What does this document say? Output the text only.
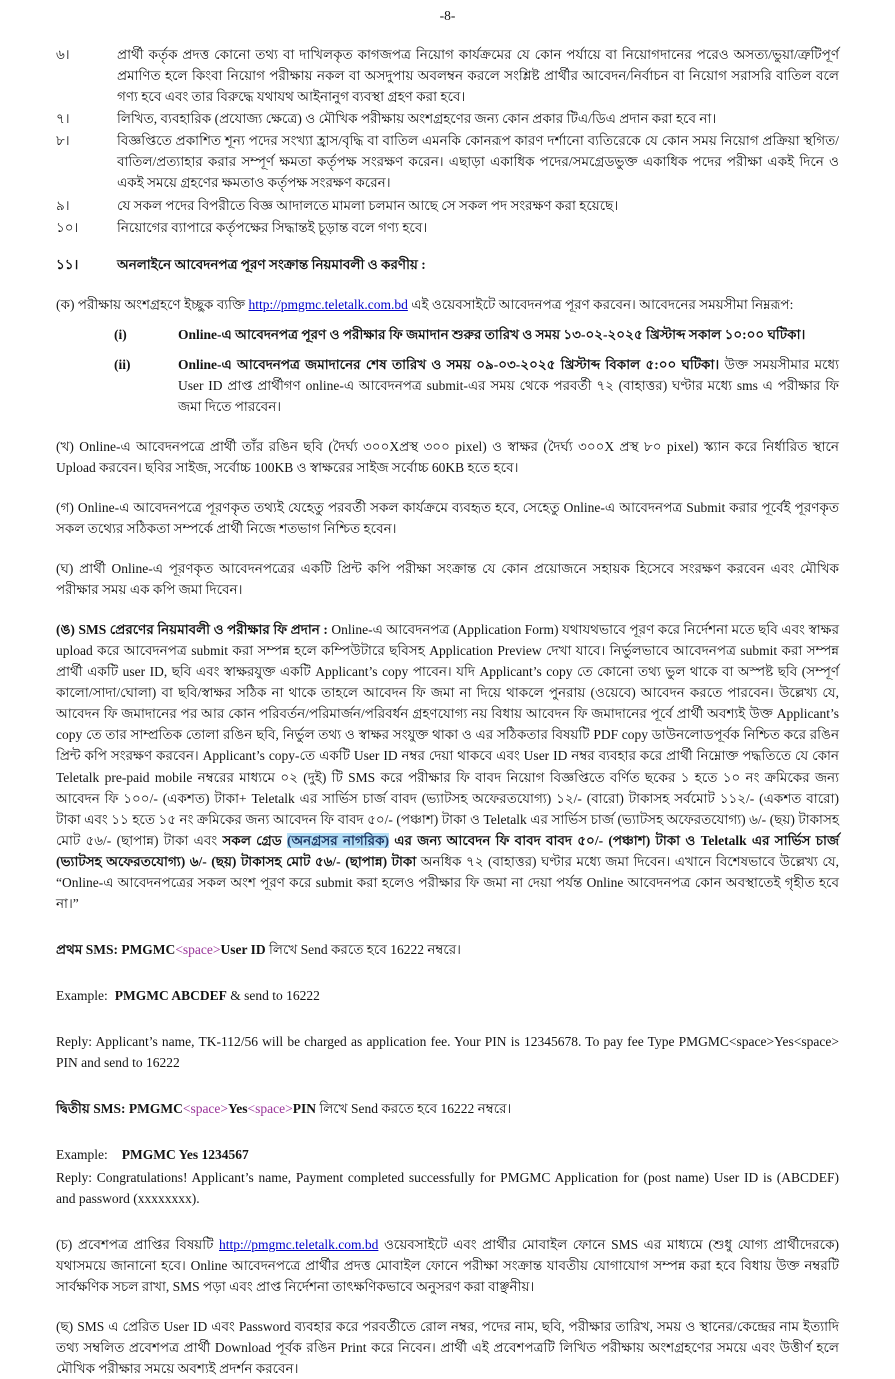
-8-
৬।	প্রার্থী কর্তৃক প্রদত্ত কোনো তথ্য বা দাখিলকৃত কাগজপত্র নিয়োগ কার্যক্রমের যে কোন পর্যায়ে বা নিয়োগদানের পরেও অসত্য/ভুয়া/ত্রুটিপূর্ণ প্রমাণিত হলে কিংবা নিয়োগ পরীক্ষায় নকল বা অসদুপায় অবলম্বন করলে সংশ্লিষ্ট প্রার্থীর আবেদন/নির্বাচন বা নিয়োগ সরাসরি বাতিল বলে গণ্য হবে এবং তার বিরুদ্ধে যথাযথ আইনানুগ ব্যবস্থা গ্রহণ করা হবে।
৭।	লিখিত, ব্যবহারিক (প্রযোজ্য ক্ষেত্রে) ও মৌখিক পরীক্ষায় অংশগ্রহণের জন্য কোন প্রকার টিএ/ডিএ প্রদান করা হবে না।
৮।	বিজ্ঞপ্তিতে প্রকাশিত শূন্য পদের সংখ্যা হ্রাস/বৃদ্ধি বা বাতিল এমনকি কোনরূপ কারণ দর্শানো ব্যতিরেকে যে কোন সময় নিয়োগ প্রক্রিয়া স্থগিত/বাতিল/প্রত্যাহার করার সম্পূর্ণ ক্ষমতা কর্তৃপক্ষ সংরক্ষণ করেন। এছাড়া একাধিক পদের/সমগ্রেডভুক্ত একাধিক পদের পরীক্ষা একই দিনে ও একই সময়ে গ্রহণের ক্ষমতাও কর্তৃপক্ষ সংরক্ষণ করেন।
৯।	যে সকল পদের বিপরীতে বিজ্ঞ আদালতে মামলা চলমান আছে সে সকল পদ সংরক্ষণ করা হয়েছে।
১০।	নিয়োগের ব্যাপারে কর্তৃপক্ষের সিদ্ধান্তই চূড়ান্ত বলে গণ্য হবে।
১১।	অনলাইনে আবেদনপত্র পূরণ সংক্রান্ত নিয়মাবলী ও করণীয় :

(ক) পরীক্ষায় অংশগ্রহণে ইচ্ছুক ব্যক্তি http://pmgmc.teletalk.com.bd এই ওয়েবসাইটে আবেদনপত্র পূরণ করবেন। আবেদনের সময়সীমা নিম্নরূপ:

(i)	Online-এ আবেদনপত্র পূরণ ও পরীক্ষার ফি জমাদান শুরুর তারিখ ও সময় ১৩-০২-২০২৫ খ্রিস্টাব্দ সকাল ১০:০০ ঘটিকা।
(ii)	Online-এ আবেদনপত্র জমাদানের শেষ তারিখ ও সময় ০৯-০৩-২০২৫ খ্রিস্টাব্দ বিকাল ৫:০০ ঘটিকা। উক্ত সময়সীমার মধ্যে User ID প্রাপ্ত প্রার্থীগণ online-এ আবেদনপত্র submit-এর সময় থেকে পরবর্তী ৭২ (বাহাত্তর) ঘণ্টার মধ্যে sms এ পরীক্ষার ফি জমা দিতে পারবেন।

(খ) Online-এ আবেদনপত্রে প্রার্থী তাঁর রঙিন ছবি (দৈর্ঘ্য ৩০০Xপ্রস্থ ৩০০ pixel) ও স্বাক্ষর (দৈর্ঘ্য ৩০০X প্রস্থ ৮০ pixel) স্ক্যান করে নির্ধারিত স্থানে Upload করবেন। ছবির সাইজ, সর্বোচ্চ 100KB ও স্বাক্ষরের সাইজ সর্বোচ্চ 60KB হতে হবে।

(গ) Online-এ আবেদনপত্রে পূরণকৃত তথ্যই যেহেতু পরবর্তী সকল কার্যক্রমে ব্যবহৃত হবে, সেহেতু Online-এ আবেদনপত্র Submit করার পূর্বেই পূরণকৃত সকল তথ্যের সঠিকতা সম্পর্কে প্রার্থী নিজে শতভাগ নিশ্চিত হবেন।

(ঘ) প্রার্থী Online-এ পূরণকৃত আবেদনপত্রের একটি প্রিন্ট কপি পরীক্ষা সংক্রান্ত যে কোন প্রয়োজনে সহায়ক হিসেবে সংরক্ষণ করবেন এবং মৌখিক পরীক্ষার সময় এক কপি জমা দিবেন।

(ঙ) SMS প্রেরণের নিয়মাবলী ও পরীক্ষার ফি প্রদান : Online-এ আবেদনপত্র (Application Form) যথাযথভাবে পূরণ করে নির্দেশনা মতে ছবি এবং স্বাক্ষর upload করে আবেদনপত্র submit করা সম্পন্ন হলে কম্পিউটারে ছবিসহ Application Preview দেখা যাবে। নির্ভুলভাবে আবেদনপত্র submit করা সম্পন্ন প্রার্থী একটি user ID, ছবি এবং স্বাক্ষরযুক্ত একটি Applicant’s copy পাবেন। যদি Applicant’s copy তে কোনো তথ্য ভুল থাকে বা অস্পষ্ট ছবি (সম্পূর্ণ কালো/সাদা/ঘোলা) বা ছবি/স্বাক্ষর সঠিক না থাকে তাহলে আবেদন ফি জমা না দিয়ে থাকলে পুনরায় (ওয়েবে) আবেদন করতে পারবেন। উল্লেখ্য যে, আবেদন ফি জমাদানের পর আর কোন পরিবর্তন/পরিমার্জন/পরিবর্ধন গ্রহণযোগ্য নয় বিধায় আবেদন ফি জমাদানের পূর্বে প্রার্থী অবশ্যই উক্ত Applicant’s copy তে তার সাম্প্রতিক তোলা রঙিন ছবি, নির্ভুল তথ্য ও স্বাক্ষর সংযুক্ত থাকা ও এর সঠিকতার বিষয়টি PDF copy ডাউনলোডপূর্বক নিশ্চিত করে রঙিন প্রিন্ট কপি সংরক্ষণ করবেন। Applicant’s copy-তে একটি User ID নম্বর দেয়া থাকবে এবং User ID নম্বর ব্যবহার করে প্রার্থী নিম্নোক্ত পদ্ধতিতে যে কোন Teletalk pre-paid mobile নম্বরের মাধ্যমে ০২ (দুই) টি SMS করে পরীক্ষার ফি বাবদ নিয়োগ বিজ্ঞপ্তিতে বর্ণিত ছকের ১ হতে ১০ নং ক্রমিকের জন্য আবেদন ফি ১০০/- (একশত) টাকা+ Teletalk এর সার্ভিস চার্জ বাবদ (ভ্যাটসহ অফেরতযোগ্য) ১২/- (বারো) টাকাসহ সর্বমোট ১১২/- (একশত বারো) টাকা এবং ১১ হতে ১৫ নং ক্রমিকের জন্য আবেদন ফি বাবদ ৫০/- (পঞ্চাশ) টাকা ও Teletalk এর সার্ভিস চার্জ (ভ্যাটসহ অফেরতযোগ্য) ৬/- (ছয়) টাকাসহ মোট ৫৬/- (ছাপান্ন) টাকা এবং সকল গ্রেড (অনগ্রসর নাগরিক) এর জন্য আবেদন ফি বাবদ বাবদ ৫০/- (পঞ্চাশ) টাকা ও Teletalk এর সার্ভিস চার্জ (ভ্যাটসহ অফেরতযোগ্য) ৬/- (ছয়) টাকাসহ মোট ৫৬/- (ছাপান্ন) টাকা অনধিক ৭২ (বাহাত্তর) ঘণ্টার মধ্যে জমা দিবেন। এখানে বিশেষভাবে উল্লেখ্য যে, “Online-এ আবেদনপত্রের সকল অংশ পূরণ করে submit করা হলেও পরীক্ষার ফি জমা না দেয়া পর্যন্ত Online আবেদনপত্র কোন অবস্থাতেই গৃহীত হবে না।”

প্রথম SMS: PMGMC<space>User ID লিখে Send করতে হবে 16222 নম্বরে।

Example: PMGMC ABCDEF & send to 16222

Reply: Applicant’s name, TK-112/56 will be charged as application fee. Your PIN is 12345678. To pay fee Type PMGMC<space>Yes<space> PIN and send to 16222

দ্বিতীয় SMS: PMGMC<space>Yes<space>PIN লিখে Send করতে হবে 16222 নম্বরে।

Example: PMGMC Yes 1234567

Reply: Congratulations! Applicant’s name, Payment completed successfully for PMGMC Application for (post name) User ID is (ABCDEF) and password (xxxxxxxx).

(চ) প্রবেশপত্র প্রাপ্তির বিষয়টি http://pmgmc.teletalk.com.bd ওয়েবসাইটে এবং প্রার্থীর মোবাইল ফোনে SMS এর মাধ্যমে (শুধু যোগ্য প্রার্থীদেরকে) যথাসময়ে জানানো হবে। Online আবেদনপত্রে প্রার্থীর প্রদত্ত মোবাইল ফোনে পরীক্ষা সংক্রান্ত যাবতীয় যোগাযোগ সম্পন্ন করা হবে বিধায় উক্ত নম্বরটি সার্বক্ষণিক সচল রাখা, SMS পড়া এবং প্রাপ্ত নির্দেশনা তাৎক্ষণিকভাবে অনুসরণ করা বাঞ্ছনীয়।

(ছ) SMS এ প্রেরিত User ID এবং Password ব্যবহার করে পরবর্তীতে রোল নম্বর, পদের নাম, ছবি, পরীক্ষার তারিখ, সময় ও স্থানের/কেন্দ্রের নাম ইত্যাদি তথ্য সম্বলিত প্রবেশপত্র প্রার্থী Download পূর্বক রঙিন Print করে নিবেন। প্রার্থী এই প্রবেশপত্রটি লিখিত পরীক্ষায় অংশগ্রহণের সময়ে এবং উত্তীর্ণ হলে মৌখিক পরীক্ষার সময়ে অবশ্যই প্রদর্শন করবেন।
